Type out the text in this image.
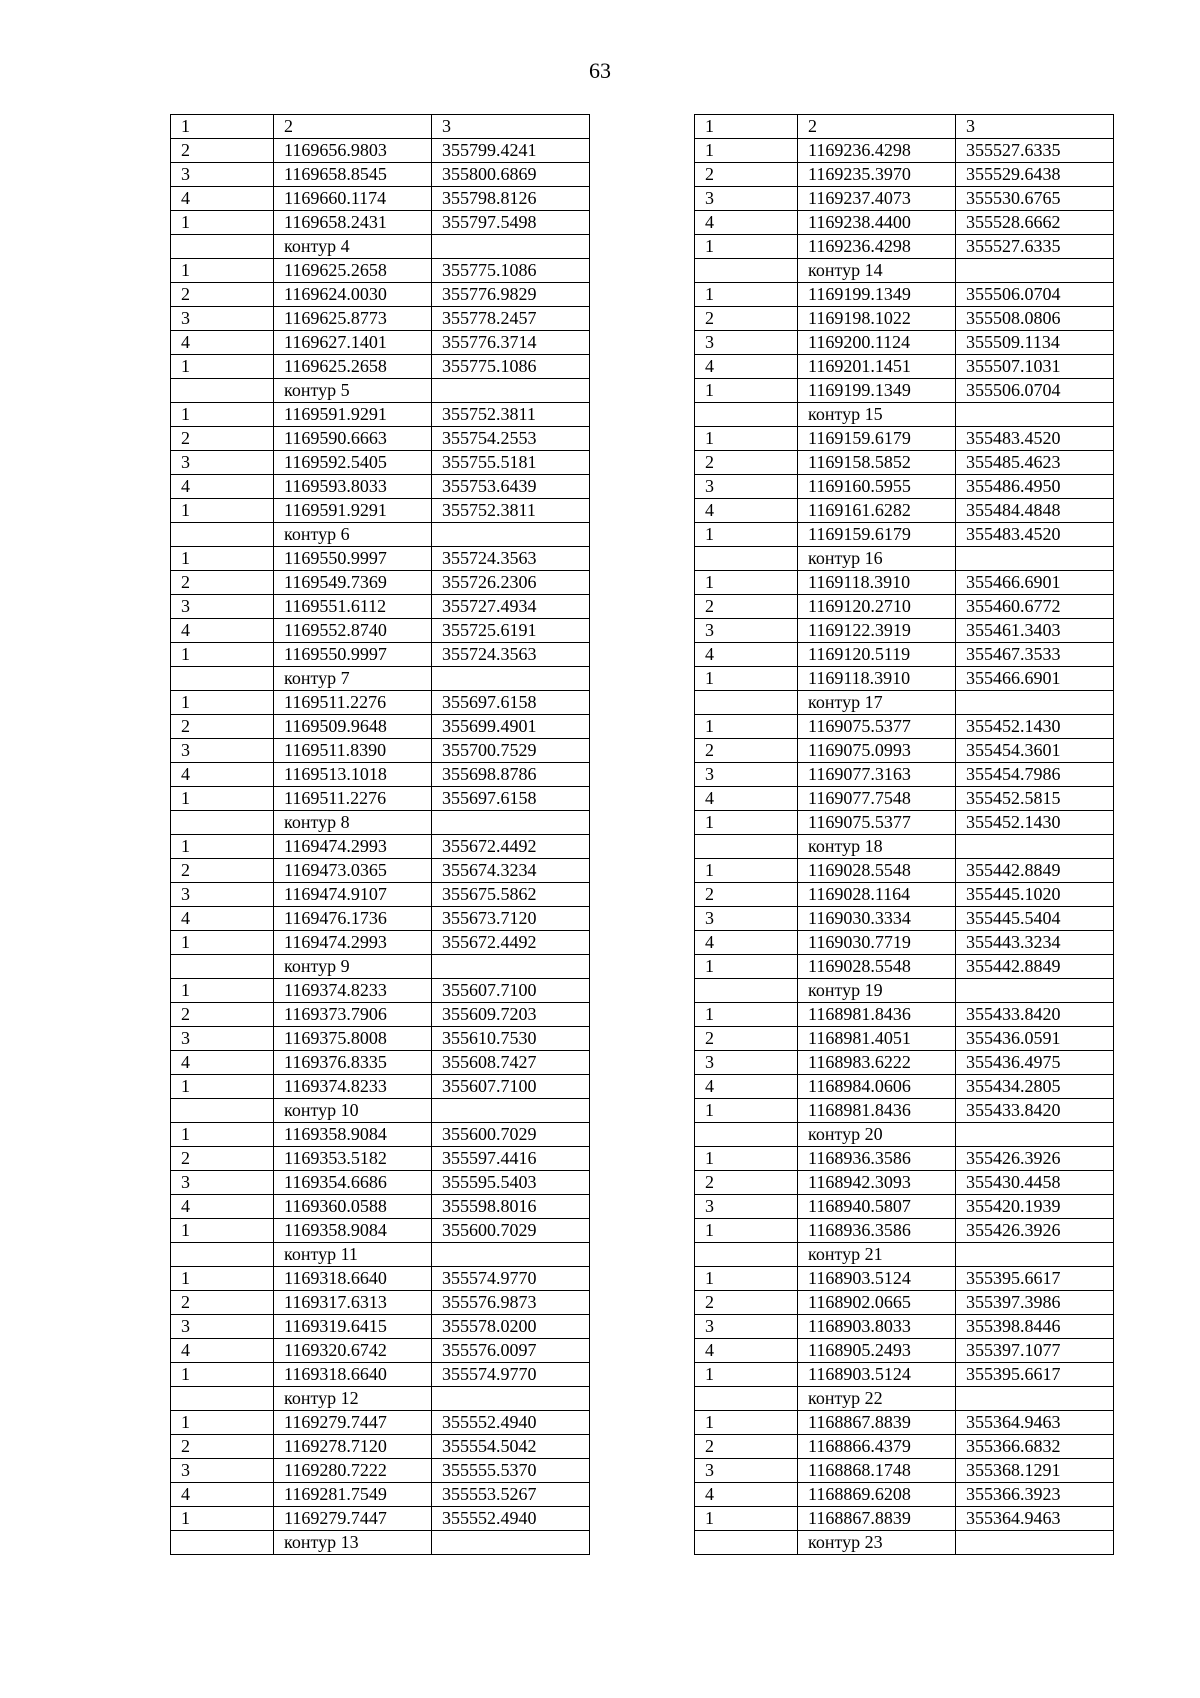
63
1	2	3
2	1169656.9803	355799.4241
3	1169658.8545	355800.6869
4	1169660.1174	355798.8126
1	1169658.2431	355797.5498
	контур 4	
1	1169625.2658	355775.1086
2	1169624.0030	355776.9829
3	1169625.8773	355778.2457
4	1169627.1401	355776.3714
1	1169625.2658	355775.1086
	контур 5	
1	1169591.9291	355752.3811
2	1169590.6663	355754.2553
3	1169592.5405	355755.5181
4	1169593.8033	355753.6439
1	1169591.9291	355752.3811
	контур 6	
1	1169550.9997	355724.3563
2	1169549.7369	355726.2306
3	1169551.6112	355727.4934
4	1169552.8740	355725.6191
1	1169550.9997	355724.3563
	контур 7	
1	1169511.2276	355697.6158
2	1169509.9648	355699.4901
3	1169511.8390	355700.7529
4	1169513.1018	355698.8786
1	1169511.2276	355697.6158
	контур 8	
1	1169474.2993	355672.4492
2	1169473.0365	355674.3234
3	1169474.9107	355675.5862
4	1169476.1736	355673.7120
1	1169474.2993	355672.4492
	контур 9	
1	1169374.8233	355607.7100
2	1169373.7906	355609.7203
3	1169375.8008	355610.7530
4	1169376.8335	355608.7427
1	1169374.8233	355607.7100
	контур 10	
1	1169358.9084	355600.7029
2	1169353.5182	355597.4416
3	1169354.6686	355595.5403
4	1169360.0588	355598.8016
1	1169358.9084	355600.7029
	контур 11	
1	1169318.6640	355574.9770
2	1169317.6313	355576.9873
3	1169319.6415	355578.0200
4	1169320.6742	355576.0097
1	1169318.6640	355574.9770
	контур 12	
1	1169279.7447	355552.4940
2	1169278.7120	355554.5042
3	1169280.7222	355555.5370
4	1169281.7549	355553.5267
1	1169279.7447	355552.4940
	контур 13	
1	2	3
1	1169236.4298	355527.6335
2	1169235.3970	355529.6438
3	1169237.4073	355530.6765
4	1169238.4400	355528.6662
1	1169236.4298	355527.6335
	контур 14	
1	1169199.1349	355506.0704
2	1169198.1022	355508.0806
3	1169200.1124	355509.1134
4	1169201.1451	355507.1031
1	1169199.1349	355506.0704
	контур 15	
1	1169159.6179	355483.4520
2	1169158.5852	355485.4623
3	1169160.5955	355486.4950
4	1169161.6282	355484.4848
1	1169159.6179	355483.4520
	контур 16	
1	1169118.3910	355466.6901
2	1169120.2710	355460.6772
3	1169122.3919	355461.3403
4	1169120.5119	355467.3533
1	1169118.3910	355466.6901
	контур 17	
1	1169075.5377	355452.1430
2	1169075.0993	355454.3601
3	1169077.3163	355454.7986
4	1169077.7548	355452.5815
1	1169075.5377	355452.1430
	контур 18	
1	1169028.5548	355442.8849
2	1169028.1164	355445.1020
3	1169030.3334	355445.5404
4	1169030.7719	355443.3234
1	1169028.5548	355442.8849
	контур 19	
1	1168981.8436	355433.8420
2	1168981.4051	355436.0591
3	1168983.6222	355436.4975
4	1168984.0606	355434.2805
1	1168981.8436	355433.8420
	контур 20	
1	1168936.3586	355426.3926
2	1168942.3093	355430.4458
3	1168940.5807	355420.1939
1	1168936.3586	355426.3926
	контур 21	
1	1168903.5124	355395.6617
2	1168902.0665	355397.3986
3	1168903.8033	355398.8446
4	1168905.2493	355397.1077
1	1168903.5124	355395.6617
	контур 22	
1	1168867.8839	355364.9463
2	1168866.4379	355366.6832
3	1168868.1748	355368.1291
4	1168869.6208	355366.3923
1	1168867.8839	355364.9463
	контур 23	
